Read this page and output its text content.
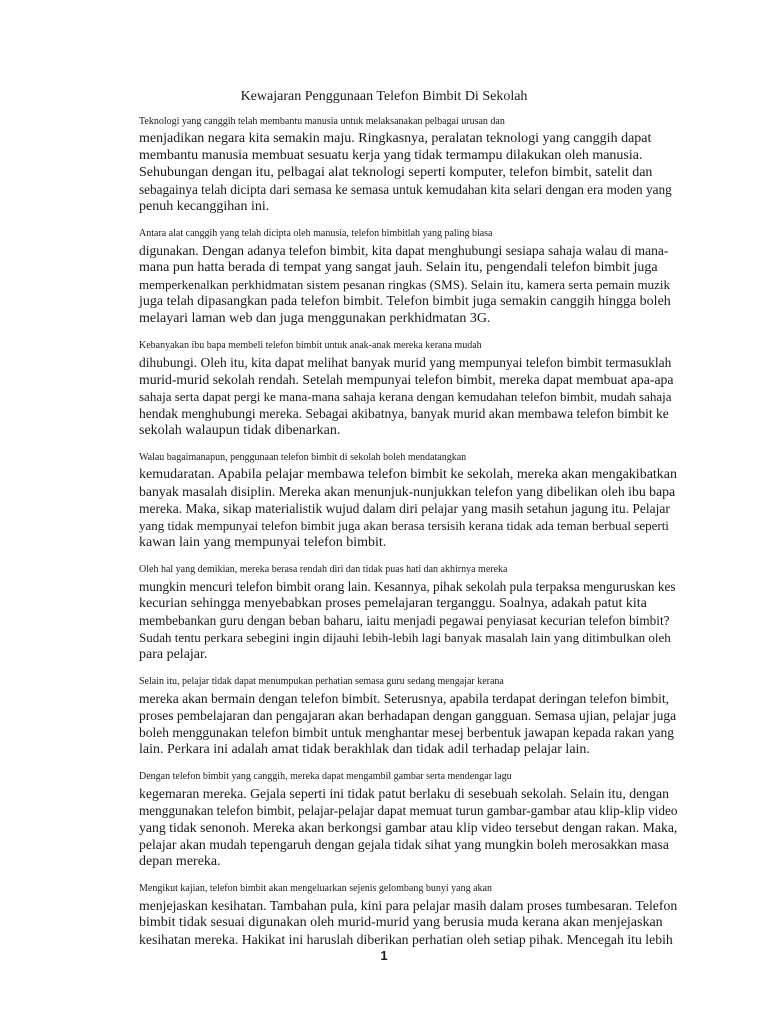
Kewajaran Penggunaan Telefon Bimbit Di Sekolah

Teknologi yang canggih telah membantu manusia untuk melaksanakan pelbagai urusan dan
menjadikan negara kita semakin maju. Ringkasnya, peralatan teknologi yang canggih dapat
membantu manusia membuat sesuatu kerja yang tidak termampu dilakukan oleh manusia.
Sehubungan dengan itu, pelbagai alat teknologi seperti komputer, telefon bimbit, satelit dan
sebagainya telah dicipta dari semasa ke semasa untuk kemudahan kita selari dengan era moden yang
penuh kecanggihan ini.

Antara alat canggih yang telah dicipta oleh manusia, telefon bimbitlah yang paling biasa
digunakan. Dengan adanya telefon bimbit, kita dapat menghubungi sesiapa sahaja walau di mana-
mana pun hatta berada di tempat yang sangat jauh. Selain itu, pengendali telefon bimbit juga
memperkenalkan perkhidmatan sistem pesanan ringkas (SMS). Selain itu, kamera serta pemain muzik
juga telah dipasangkan pada telefon bimbit. Telefon bimbit juga semakin canggih hingga boleh
melayari laman web dan juga menggunakan perkhidmatan 3G.

Kebanyakan ibu bapa membeli telefon bimbit untuk anak-anak mereka kerana mudah
dihubungi. Oleh itu, kita dapat melihat banyak murid yang mempunyai telefon bimbit termasuklah
murid-murid sekolah rendah. Setelah mempunyai telefon bimbit, mereka dapat membuat apa-apa
sahaja serta dapat pergi ke mana-mana sahaja kerana dengan kemudahan telefon bimbit, mudah sahaja
hendak menghubungi mereka. Sebagai akibatnya, banyak murid akan membawa telefon bimbit ke
sekolah walaupun tidak dibenarkan.

Walau bagaimanapun, penggunaan telefon bimbit di sekolah boleh mendatangkan
kemudaratan. Apabila pelajar membawa telefon bimbit ke sekolah, mereka akan mengakibatkan
banyak masalah disiplin. Mereka akan menunjuk-nunjukkan telefon yang dibelikan oleh ibu bapa
mereka. Maka, sikap materialistik wujud dalam diri pelajar yang masih setahun jagung itu. Pelajar
yang tidak mempunyai telefon bimbit juga akan berasa tersisih kerana tidak ada teman berbual seperti
kawan lain yang mempunyai telefon bimbit.

Oleh hal yang demikian, mereka berasa rendah diri dan tidak puas hati dan akhirnya mereka
mungkin mencuri telefon bimbit orang lain. Kesannya, pihak sekolah pula terpaksa menguruskan kes
kecurian sehingga menyebabkan proses pemelajaran terganggu. Soalnya, adakah patut kita
membebankan guru dengan beban baharu, iaitu menjadi pegawai penyiasat kecurian telefon bimbit?
Sudah tentu perkara sebegini ingin dijauhi lebih-lebih lagi banyak masalah lain yang ditimbulkan oleh
para pelajar.

Selain itu, pelajar tidak dapat menumpukan perhatian semasa guru sedang mengajar kerana
mereka akan bermain dengan telefon bimbit. Seterusnya, apabila terdapat deringan telefon bimbit,
proses pembelajaran dan pengajaran akan berhadapan dengan gangguan. Semasa ujian, pelajar juga
boleh menggunakan telefon bimbit untuk menghantar mesej berbentuk jawapan kepada rakan yang
lain. Perkara ini adalah amat tidak berakhlak dan tidak adil terhadap pelajar lain.

Dengan telefon bimbit yang canggih, mereka dapat mengambil gambar serta mendengar lagu
kegemaran mereka. Gejala seperti ini tidak patut berlaku di sesebuah sekolah. Selain itu, dengan
menggunakan telefon bimbit, pelajar-pelajar dapat memuat turun gambar-gambar atau klip-klip video
yang tidak senonoh. Mereka akan berkongsi gambar atau klip video tersebut dengan rakan. Maka,
pelajar akan mudah tepengaruh dengan gejala tidak sihat yang mungkin boleh merosakkan masa
depan mereka.

Mengikut kajian, telefon bimbit akan mengeluarkan sejenis gelombang bunyi yang akan
menjejaskan kesihatan. Tambahan pula, kini para pelajar masih dalam proses tumbesaran. Telefon
bimbit tidak sesuai digunakan oleh murid-murid yang berusia muda kerana akan menjejaskan
kesihatan mereka. Hakikat ini haruslah diberikan perhatian oleh setiap pihak. Mencegah itu lebih

1
